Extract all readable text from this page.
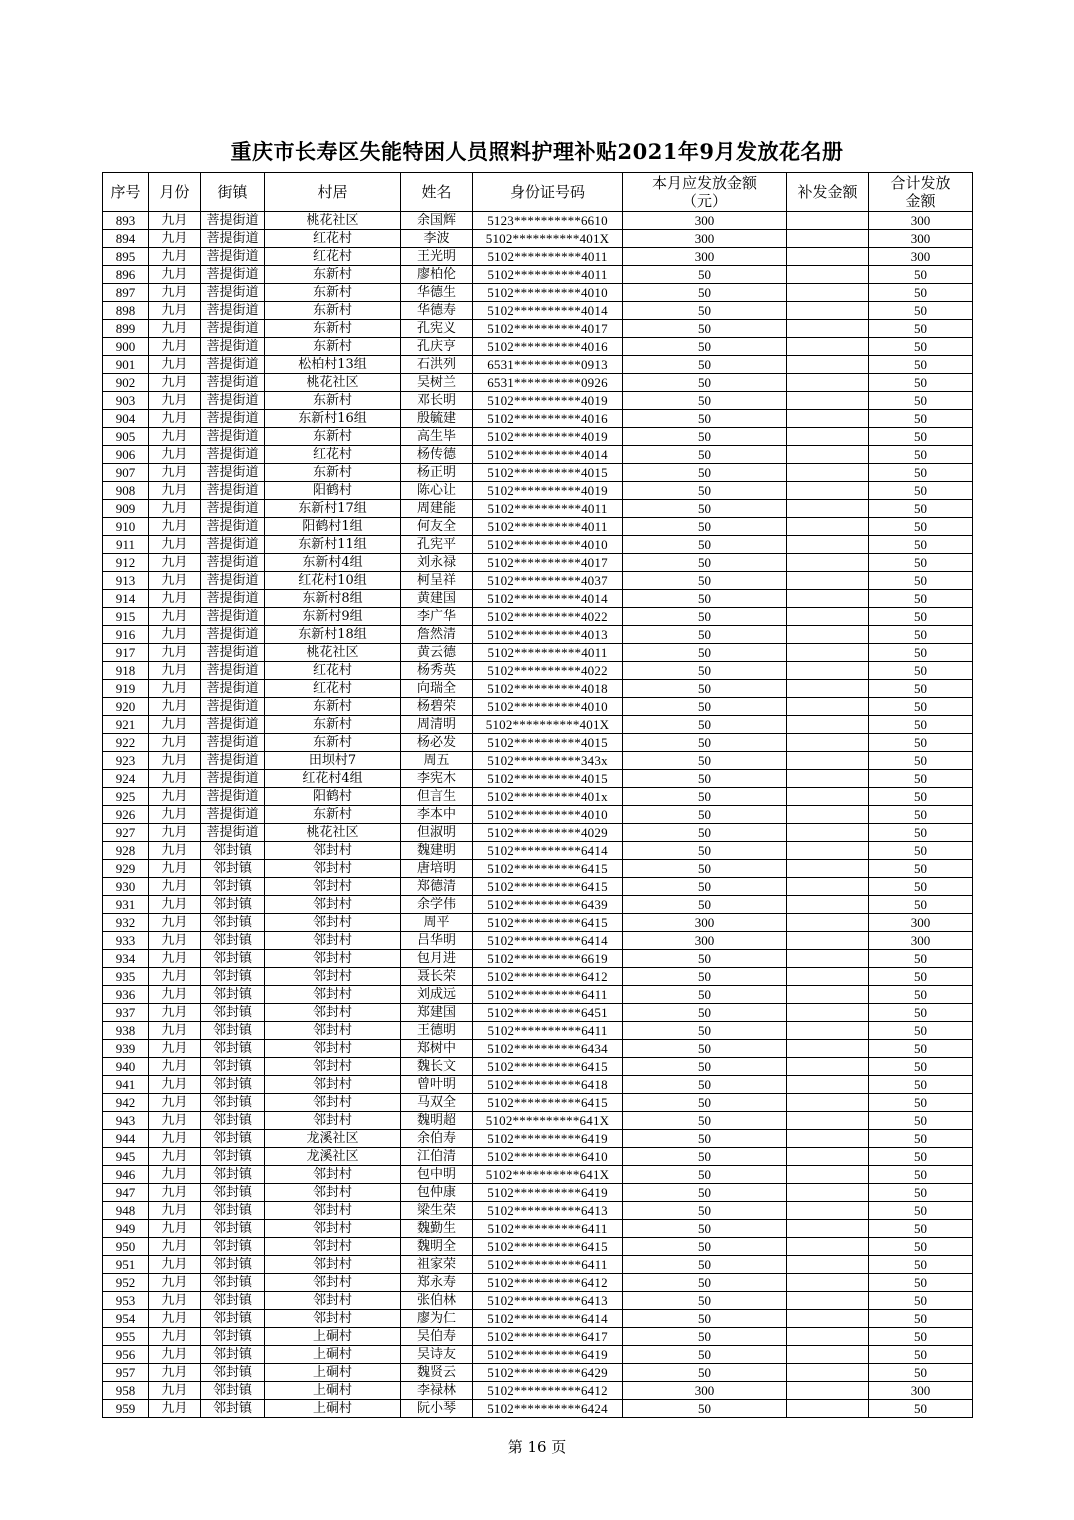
重庆市长寿区失能特困人员照料护理补贴2021年9月发放花名册
序号	月份	街镇	村居	姓名	身份证号码	本月应发放金额（元）	补发金额	合计发放金额

893	九月	菩提街道	桃花社区	余国辉	5123**********6610	300		300
894	九月	菩提街道	红花村	李波	5102**********401X	300		300
895	九月	菩提街道	红花村	王光明	5102**********4011	300		300
896	九月	菩提街道	东新村	廖柏伦	5102**********4011	50		50
897	九月	菩提街道	东新村	华德生	5102**********4010	50		50
898	九月	菩提街道	东新村	华德寿	5102**********4014	50		50
899	九月	菩提街道	东新村	孔宪义	5102**********4017	50		50
900	九月	菩提街道	东新村	孔庆亨	5102**********4016	50		50
901	九月	菩提街道	松柏村13组	石洪列	6531**********0913	50		50
902	九月	菩提街道	桃花社区	吴树兰	6531**********0926	50		50
903	九月	菩提街道	东新村	邓长明	5102**********4019	50		50
904	九月	菩提街道	东新村16组	殷毓建	5102**********4016	50		50
905	九月	菩提街道	东新村	高生毕	5102**********4019	50		50
906	九月	菩提街道	红花村	杨传德	5102**********4014	50		50
907	九月	菩提街道	东新村	杨正明	5102**********4015	50		50
908	九月	菩提街道	阳鹤村	陈心让	5102**********4019	50		50
909	九月	菩提街道	东新村17组	周建能	5102**********4011	50		50
910	九月	菩提街道	阳鹤村1组	何友全	5102**********4011	50		50
911	九月	菩提街道	东新村11组	孔宪平	5102**********4010	50		50
912	九月	菩提街道	东新村4组	刘永禄	5102**********4017	50		50
913	九月	菩提街道	红花村10组	柯呈祥	5102**********4037	50		50
914	九月	菩提街道	东新村8组	黄建国	5102**********4014	50		50
915	九月	菩提街道	东新村9组	李广华	5102**********4022	50		50
916	九月	菩提街道	东新村18组	詹然清	5102**********4013	50		50
917	九月	菩提街道	桃花社区	黄云德	5102**********4011	50		50
918	九月	菩提街道	红花村	杨秀英	5102**********4022	50		50
919	九月	菩提街道	红花村	向瑞全	5102**********4018	50		50
920	九月	菩提街道	东新村	杨碧荣	5102**********4010	50		50
921	九月	菩提街道	东新村	周清明	5102**********401X	50		50
922	九月	菩提街道	东新村	杨必发	5102**********4015	50		50
923	九月	菩提街道	田坝村7	周五	5102**********343x	50		50
924	九月	菩提街道	红花村4组	李宪木	5102**********4015	50		50
925	九月	菩提街道	阳鹤村	但言生	5102**********401x	50		50
926	九月	菩提街道	东新村	李本中	5102**********4010	50		50
927	九月	菩提街道	桃花社区	但淑明	5102**********4029	50		50
928	九月	邻封镇	邻封村	魏建明	5102**********6414	50		50
929	九月	邻封镇	邻封村	唐培明	5102**********6415	50		50
930	九月	邻封镇	邻封村	郑德清	5102**********6415	50		50
931	九月	邻封镇	邻封村	余学伟	5102**********6439	50		50
932	九月	邻封镇	邻封村	周平	5102**********6415	300		300
933	九月	邻封镇	邻封村	吕华明	5102**********6414	300		300
934	九月	邻封镇	邻封村	包月进	5102**********6619	50		50
935	九月	邻封镇	邻封村	聂长荣	5102**********6412	50		50
936	九月	邻封镇	邻封村	刘成远	5102**********6411	50		50
937	九月	邻封镇	邻封村	郑建国	5102**********6451	50		50
938	九月	邻封镇	邻封村	王德明	5102**********6411	50		50
939	九月	邻封镇	邻封村	郑树中	5102**********6434	50		50
940	九月	邻封镇	邻封村	魏长文	5102**********6415	50		50
941	九月	邻封镇	邻封村	曾叶明	5102**********6418	50		50
942	九月	邻封镇	邻封村	马双全	5102**********6415	50		50
943	九月	邻封镇	邻封村	魏明超	5102**********641X	50		50
944	九月	邻封镇	龙溪社区	余伯寿	5102**********6419	50		50
945	九月	邻封镇	龙溪社区	江伯清	5102**********6410	50		50
946	九月	邻封镇	邻封村	包中明	5102**********641X	50		50
947	九月	邻封镇	邻封村	包仲康	5102**********6419	50		50
948	九月	邻封镇	邻封村	梁生荣	5102**********6413	50		50
949	九月	邻封镇	邻封村	魏勤生	5102**********6411	50		50
950	九月	邻封镇	邻封村	魏明全	5102**********6415	50		50
951	九月	邻封镇	邻封村	祖家荣	5102**********6411	50		50
952	九月	邻封镇	邻封村	郑永寿	5102**********6412	50		50
953	九月	邻封镇	邻封村	张伯林	5102**********6413	50		50
954	九月	邻封镇	邻封村	廖为仁	5102**********6414	50		50
955	九月	邻封镇	上硐村	吴伯寿	5102**********6417	50		50
956	九月	邻封镇	上硐村	吴诗友	5102**********6419	50		50
957	九月	邻封镇	上硐村	魏贤云	5102**********6429	50		50
958	九月	邻封镇	上硐村	李禄林	5102**********6412	300		300
959	九月	邻封镇	上硐村	阮小琴	5102**********6424	50		50
第 16 页
